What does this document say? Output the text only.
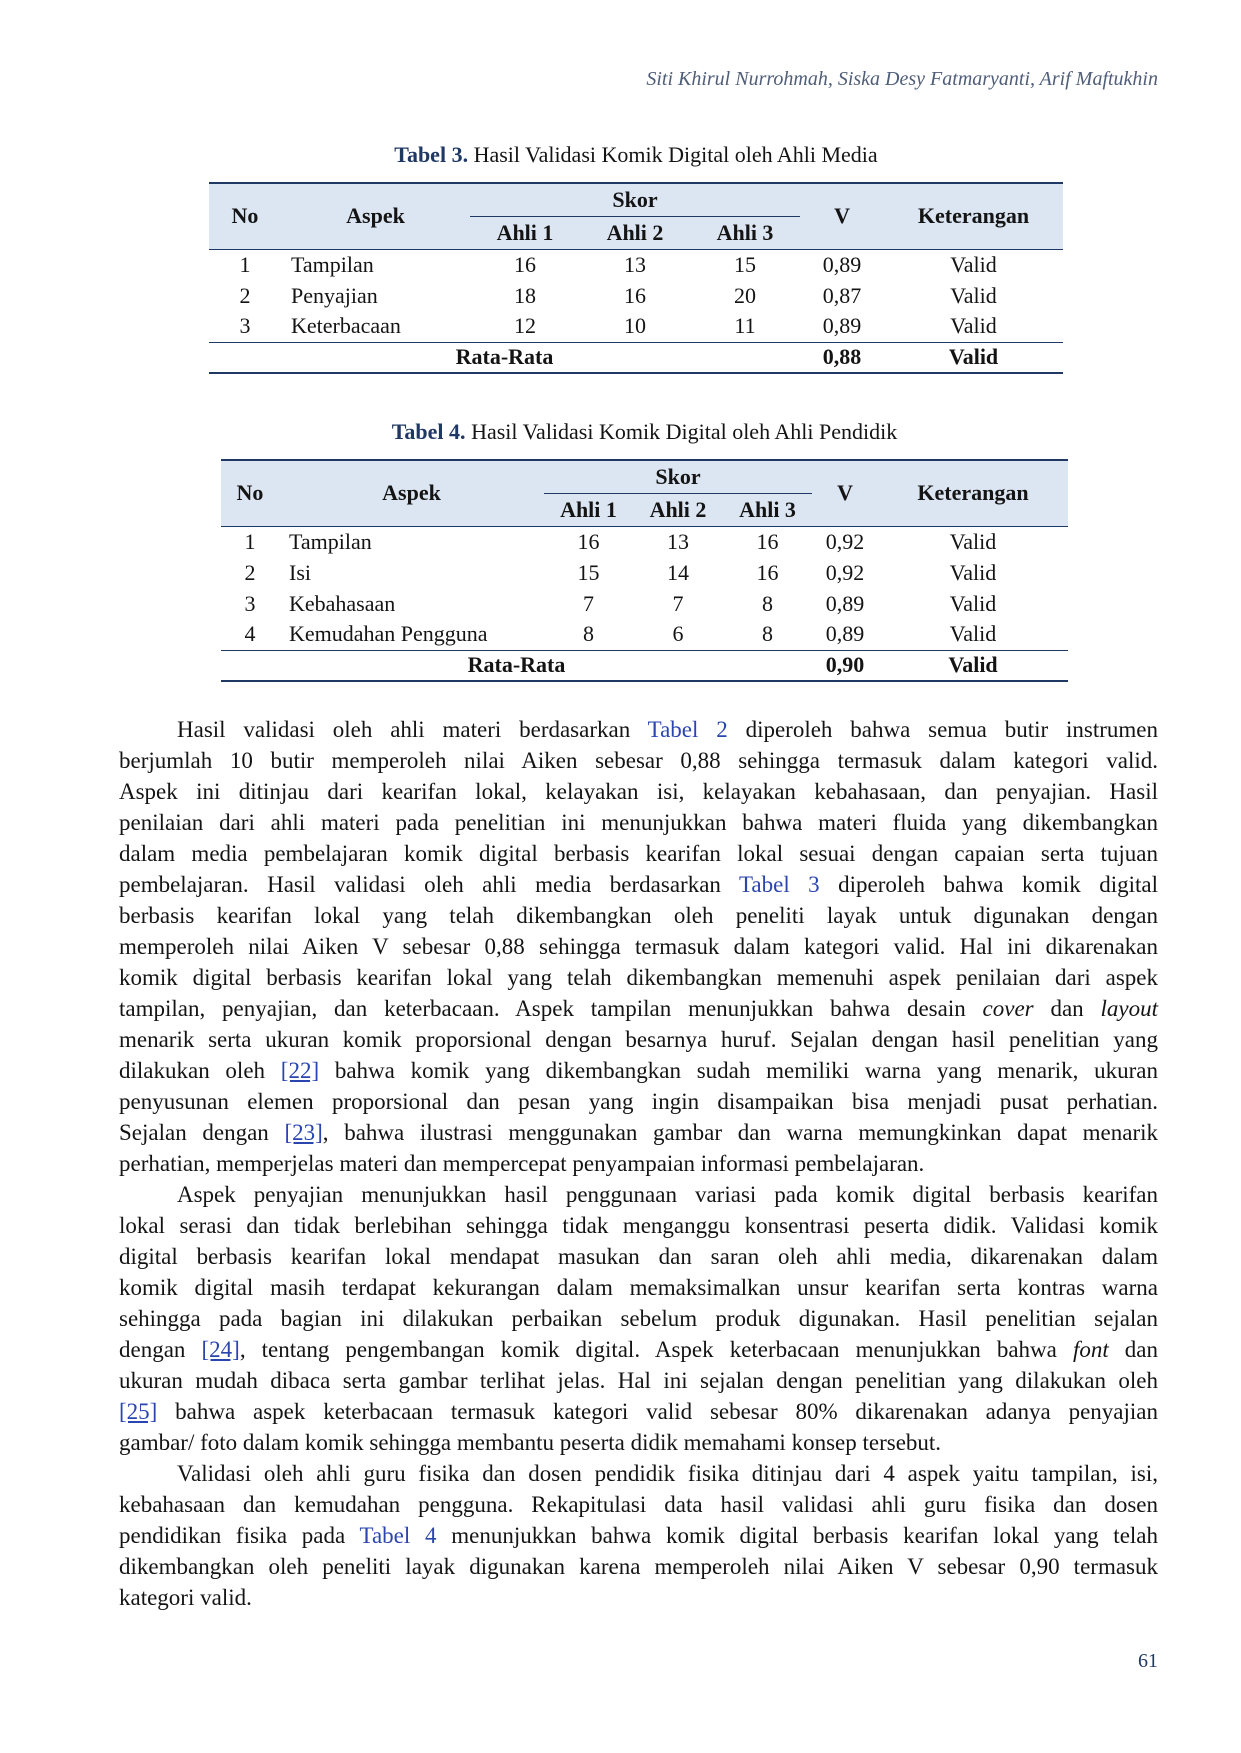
Siti Khirul Nurrohmah, Siska Desy Fatmaryanti, Arif Maftukhin
Tabel 3. Hasil Validasi Komik Digital oleh Ahli Media
No	Aspek	Skor			V	Keterangan
		Ahli 1	Ahli 2	Ahli 3		
1	Tampilan	16	13	15	0,89	Valid
2	Penyajian	18	16	20	0,87	Valid
3	Keterbacaan	12	10	11	0,89	Valid
Rata-Rata					0,88	Valid
Tabel 4. Hasil Validasi Komik Digital oleh Ahli Pendidik
No	Aspek	Skor			V	Keterangan
		Ahli 1	Ahli 2	Ahli 3		
1	Tampilan	16	13	16	0,92	Valid
2	Isi	15	14	16	0,92	Valid
3	Kebahasaan	7	7	8	0,89	Valid
4	Kemudahan Pengguna	8	6	8	0,89	Valid
Rata-Rata					0,90	Valid
Hasil validasi oleh ahli materi berdasarkan Tabel 2 diperoleh bahwa semua butir instrumen
berjumlah 10 butir memperoleh nilai Aiken sebesar 0,88 sehingga termasuk dalam kategori valid.
Aspek ini ditinjau dari kearifan lokal, kelayakan isi, kelayakan kebahasaan, dan penyajian. Hasil
penilaian dari ahli materi pada penelitian ini menunjukkan bahwa materi fluida yang dikembangkan
dalam media pembelajaran komik digital berbasis kearifan lokal sesuai dengan capaian serta tujuan
pembelajaran. Hasil validasi oleh ahli media berdasarkan Tabel 3 diperoleh bahwa komik digital
berbasis kearifan lokal yang telah dikembangkan oleh peneliti layak untuk digunakan dengan
memperoleh nilai Aiken V sebesar 0,88 sehingga termasuk dalam kategori valid. Hal ini dikarenakan
komik digital berbasis kearifan lokal yang telah dikembangkan memenuhi aspek penilaian dari aspek
tampilan, penyajian, dan keterbacaan. Aspek tampilan menunjukkan bahwa desain cover dan layout
menarik serta ukuran komik proporsional dengan besarnya huruf. Sejalan dengan hasil penelitian yang
dilakukan oleh [22] bahwa komik yang dikembangkan sudah memiliki warna yang menarik, ukuran
penyusunan elemen proporsional dan pesan yang ingin disampaikan bisa menjadi pusat perhatian.
Sejalan dengan [23], bahwa ilustrasi menggunakan gambar dan warna memungkinkan dapat menarik
perhatian, memperjelas materi dan mempercepat penyampaian informasi pembelajaran.
Aspek penyajian menunjukkan hasil penggunaan variasi pada komik digital berbasis kearifan
lokal serasi dan tidak berlebihan sehingga tidak menganggu konsentrasi peserta didik. Validasi komik
digital berbasis kearifan lokal mendapat masukan dan saran oleh ahli media, dikarenakan dalam
komik digital masih terdapat kekurangan dalam memaksimalkan unsur kearifan serta kontras warna
sehingga pada bagian ini dilakukan perbaikan sebelum produk digunakan. Hasil penelitian sejalan
dengan [24], tentang pengembangan komik digital. Aspek keterbacaan menunjukkan bahwa font dan
ukuran mudah dibaca serta gambar terlihat jelas. Hal ini sejalan dengan penelitian yang dilakukan oleh
[25] bahwa aspek keterbacaan termasuk kategori valid sebesar 80% dikarenakan adanya penyajian
gambar/ foto dalam komik sehingga membantu peserta didik memahami konsep tersebut.
Validasi oleh ahli guru fisika dan dosen pendidik fisika ditinjau dari 4 aspek yaitu tampilan, isi,
kebahasaan dan kemudahan pengguna. Rekapitulasi data hasil validasi ahli guru fisika dan dosen
pendidikan fisika pada Tabel 4 menunjukkan bahwa komik digital berbasis kearifan lokal yang telah
dikembangkan oleh peneliti layak digunakan karena memperoleh nilai Aiken V sebesar 0,90 termasuk
kategori valid.
61
